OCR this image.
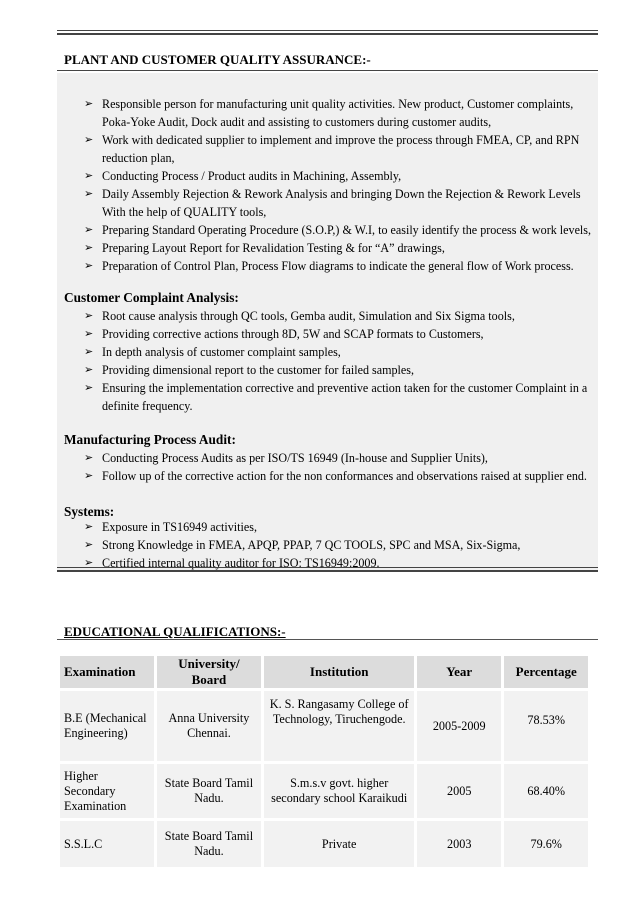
PLANT AND CUSTOMER QUALITY ASSURANCE:-
➢ Responsible person for manufacturing unit quality activities. New product, Customer complaints, Poka-Yoke Audit, Dock audit and assisting to customers during customer audits,
➢ Work with dedicated supplier to implement and improve the process through FMEA, CP, and RPN reduction plan,
➢ Conducting Process / Product audits in Machining, Assembly,
➢ Daily Assembly Rejection & Rework Analysis and bringing Down the Rejection & Rework Levels With the help of QUALITY tools,
➢ Preparing Standard Operating Procedure (S.O.P,) & W.I, to easily identify the process & work levels,
➢ Preparing Layout Report for Revalidation Testing & for “A” drawings,
➢ Preparation of Control Plan, Process Flow diagrams to indicate the general flow of Work process.
Customer Complaint Analysis:
➢ Root cause analysis through QC tools, Gemba audit, Simulation and Six Sigma tools,
➢ Providing corrective actions through 8D, 5W and SCAP formats to Customers,
➢ In depth analysis of customer complaint samples,
➢ Providing dimensional report to the customer for failed samples,
➢ Ensuring the implementation corrective and preventive action taken for the customer Complaint in a definite frequency.
Manufacturing Process Audit:
➢ Conducting Process Audits as per ISO/TS 16949 (In-house and Supplier Units),
➢ Follow up of the corrective action for the non conformances and observations raised at supplier end.
Systems:
➢ Exposure in TS16949 activities,
➢ Strong Knowledge in FMEA, APQP, PPAP, 7 QC TOOLS, SPC and MSA, Six-Sigma,
➢ Certified internal quality auditor for ISO: TS16949:2009.
EDUCATIONAL QUALIFICATIONS:-
Examination	University/ Board	Institution	Year	Percentage
B.E (Mechanical Engineering)	Anna University Chennai.	K. S. Rangasamy College of Technology, Tiruchengode.	2005-2009	78.53%
Higher Secondary Examination	State Board Tamil Nadu.	S.m.s.v govt. higher secondary school Karaikudi	2005	68.40%
S.S.L.C	State Board Tamil Nadu.	Private	2003	79.6%
